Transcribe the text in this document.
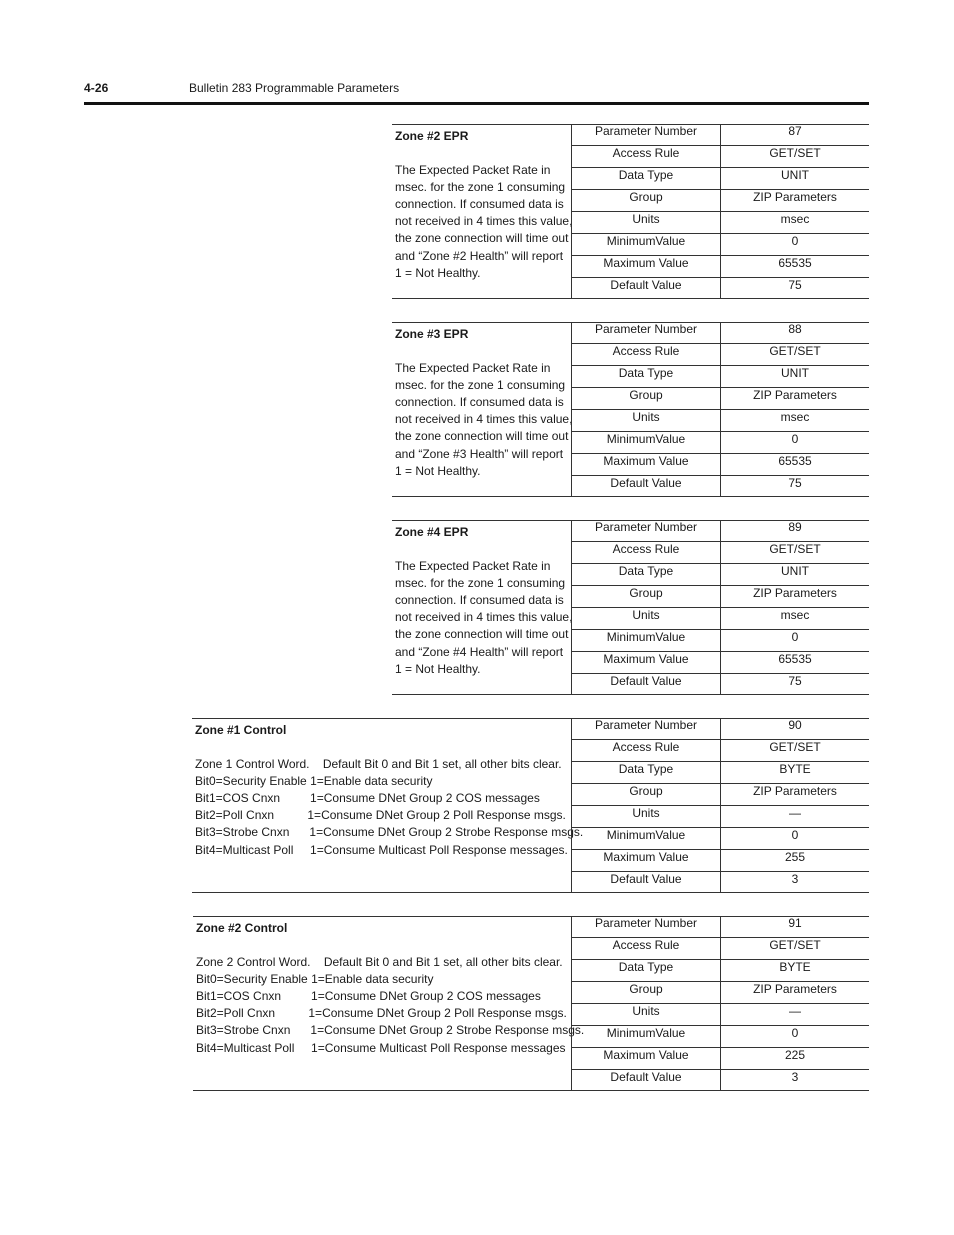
4-26	Bulletin 283 Programmable Parameters
Zone #2 EPR
The Expected Packet Rate in
msec. for the zone 1 consuming
connection. If consumed data is
not received in 4 times this value,
the zone connection will time out
and “Zone #2 Health” will report
1 = Not Healthy.
Parameter Number	87
Access Rule	GET/SET
Data Type	UNIT
Group	ZIP Parameters
Units	msec
MinimumValue	0
Maximum Value	65535
Default Value	75
Zone #3 EPR
The Expected Packet Rate in
msec. for the zone 1 consuming
connection. If consumed data is
not received in 4 times this value,
the zone connection will time out
and “Zone #3 Health” will report
1 = Not Healthy.
Parameter Number	88
Access Rule	GET/SET
Data Type	UNIT
Group	ZIP Parameters
Units	msec
MinimumValue	0
Maximum Value	65535
Default Value	75
Zone #4 EPR
The Expected Packet Rate in
msec. for the zone 1 consuming
connection. If consumed data is
not received in 4 times this value,
the zone connection will time out
and “Zone #4 Health” will report
1 = Not Healthy.
Parameter Number	89
Access Rule	GET/SET
Data Type	UNIT
Group	ZIP Parameters
Units	msec
MinimumValue	0
Maximum Value	65535
Default Value	75
Zone #1 Control
Zone 1 Control Word.    Default Bit 0 and Bit 1 set, all other bits clear.
Bit0=Security Enable 1=Enable data security
Bit1=COS Cnxn         1=Consume DNet Group 2 COS messages
Bit2=Poll Cnxn          1=Consume DNet Group 2 Poll Response msgs.
Bit3=Strobe Cnxn      1=Consume DNet Group 2 Strobe Response msgs.
Bit4=Multicast Poll     1=Consume Multicast Poll Response messages.
Parameter Number	90
Access Rule	GET/SET
Data Type	BYTE
Group	ZIP Parameters
Units	—
MinimumValue	0
Maximum Value	255
Default Value	3
Zone #2 Control
Zone 2 Control Word.    Default Bit 0 and Bit 1 set, all other bits clear.
Bit0=Security Enable 1=Enable data security
Bit1=COS Cnxn         1=Consume DNet Group 2 COS messages
Bit2=Poll Cnxn          1=Consume DNet Group 2 Poll Response msgs.
Bit3=Strobe Cnxn      1=Consume DNet Group 2 Strobe Response msgs.
Bit4=Multicast Poll     1=Consume Multicast Poll Response messages
Parameter Number	91
Access Rule	GET/SET
Data Type	BYTE
Group	ZIP Parameters
Units	—
MinimumValue	0
Maximum Value	225
Default Value	3
